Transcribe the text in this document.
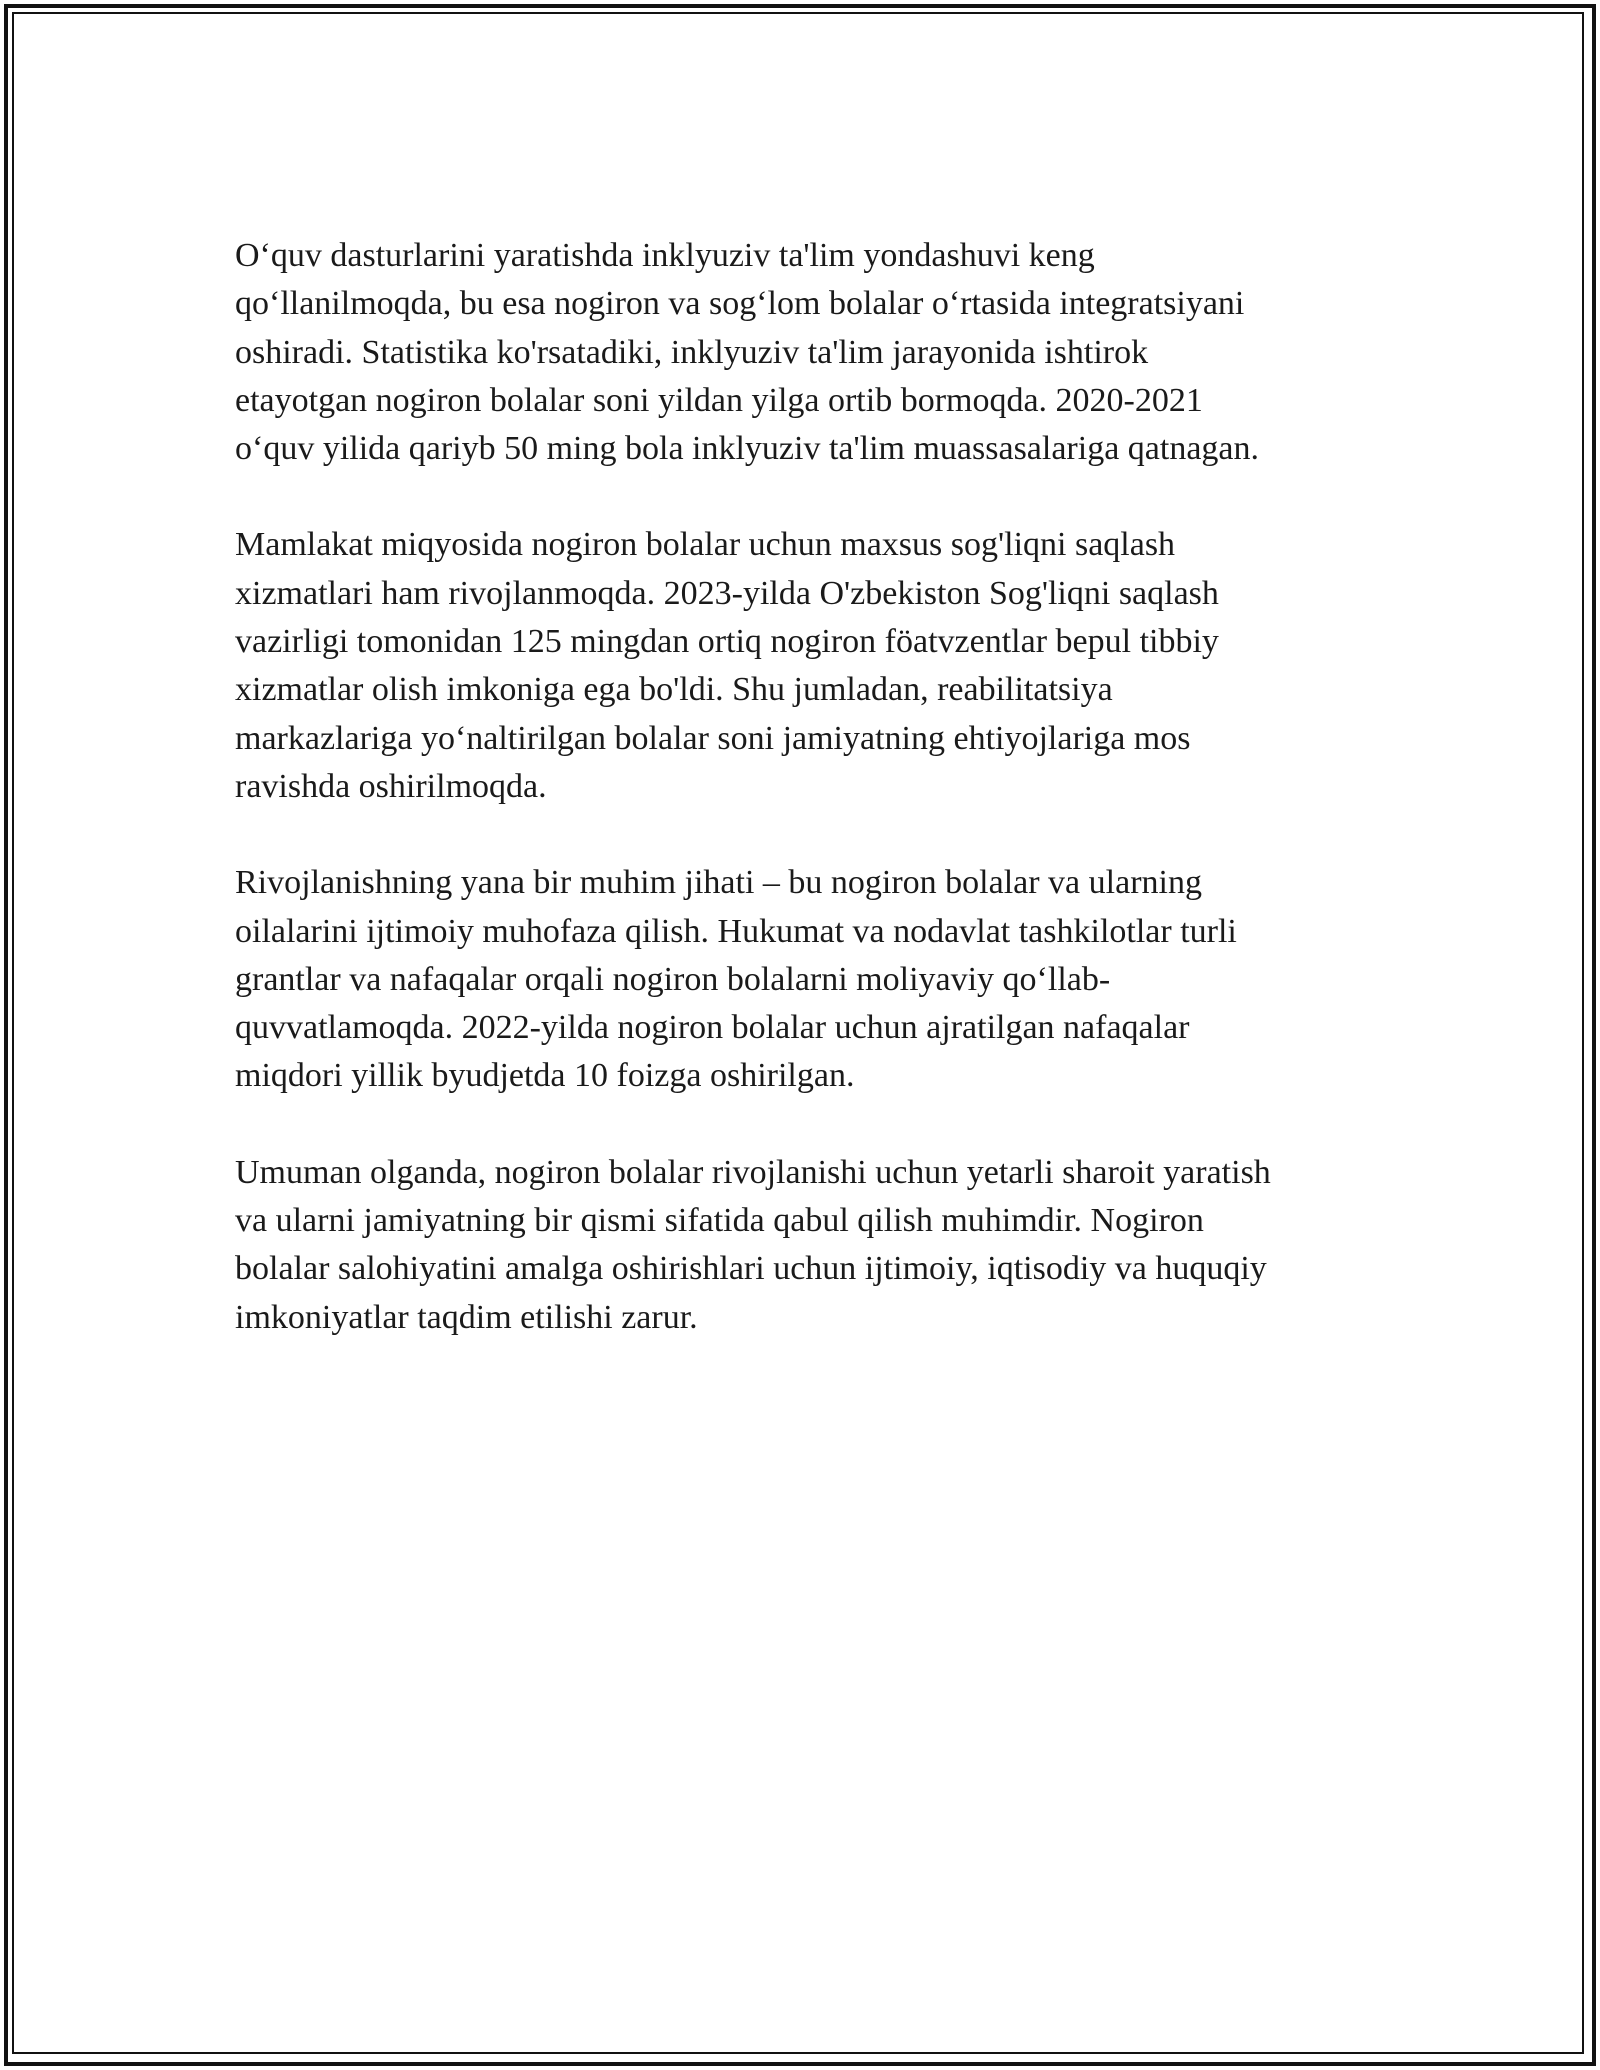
O‘quv dasturlarini yaratishda inklyuziv ta'lim yondashuvi keng
qo‘llanilmoqda, bu esa nogiron va sog‘lom bolalar o‘rtasida integratsiyani
oshiradi. Statistika ko'rsatadiki, inklyuziv ta'lim jarayonida ishtirok
etayotgan nogiron bolalar soni yildan yilga ortib bormoqda. 2020-2021
o‘quv yilida qariyb 50 ming bola inklyuziv ta'lim muassasalariga qatnagan.

Mamlakat miqyosida nogiron bolalar uchun maxsus sog'liqni saqlash
xizmatlari ham rivojlanmoqda. 2023-yilda O'zbekiston Sog'liqni saqlash
vazirligi tomonidan 125 mingdan ortiq nogiron föatvzentlar bepul tibbiy
xizmatlar olish imkoniga ega bo'ldi. Shu jumladan, reabilitatsiya
markazlariga yo‘naltirilgan bolalar soni jamiyatning ehtiyojlariga mos
ravishda oshirilmoqda.

Rivojlanishning yana bir muhim jihati – bu nogiron bolalar va ularning
oilalarini ijtimoiy muhofaza qilish. Hukumat va nodavlat tashkilotlar turli
grantlar va nafaqalar orqali nogiron bolalarni moliyaviy qo‘llab-
quvvatlamoqda. 2022-yilda nogiron bolalar uchun ajratilgan nafaqalar
miqdori yillik byudjetda 10 foizga oshirilgan.

Umuman olganda, nogiron bolalar rivojlanishi uchun yetarli sharoit yaratish
va ularni jamiyatning bir qismi sifatida qabul qilish muhimdir. Nogiron
bolalar salohiyatini amalga oshirishlari uchun ijtimoiy, iqtisodiy va huquqiy
imkoniyatlar taqdim etilishi zarur.
